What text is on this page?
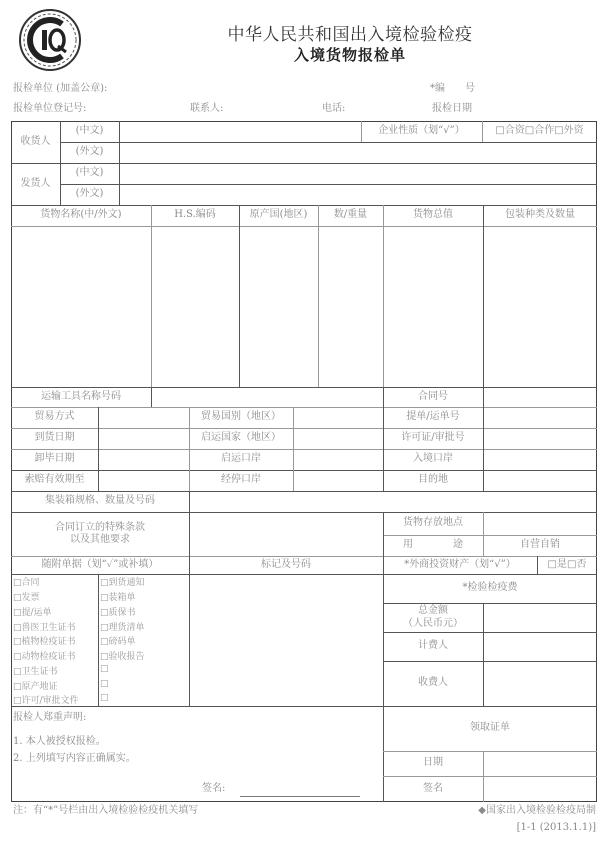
中华人民共和国出入境检验检疫
入境货物报检单
报检单位 (加盖公章):	*编　　号
报检单位登记号:	联系人:	电话:	报检日期
收货人
(中文)
(外文)
企业性质（划“√”）	□合资□合作□外资
发货人
(中文)
(外文)
货物名称(中/外文)	H.S.编码	原产国(地区)	数/重量	货物总值	包装种类及数量
运输工具名称号码	合同号
贸易方式	贸易国别（地区）	提单/运单号
到货日期	启运国家（地区）	许可证/审批号
卸毕日期	启运口岸	入境口岸
索赔有效期至	经停口岸	目的地
集装箱规格、数量及号码
合同订立的特殊条款
以及其他要求
货物存放地点
用　　　　途	自营自销
随附单据（划“✓”或补填）	标记及号码	*外商投资财产（划“√”）	□是□否
□合同
□发票
□提/运单
□兽医卫生证书
□植物检疫证书
□动物检疫证书
□卫生证书
□原产地证
□许可/审批文件
□到货通知
□装箱单
□质保书
□理货清单
□磅码单
□验收报告
□
□
□
*检验检疫费
总金额
（人民币元）
计费人
收费人
报检人郑重声明:
1. 本人被授权报检。
2. 上列填写内容正确属实。
签名:
领取证单
日期
签名
注：有“*”号栏由出入境检验检疫机关填写	◆国家出入境检验检疫局制
[1-1 (2013.1.1)]
